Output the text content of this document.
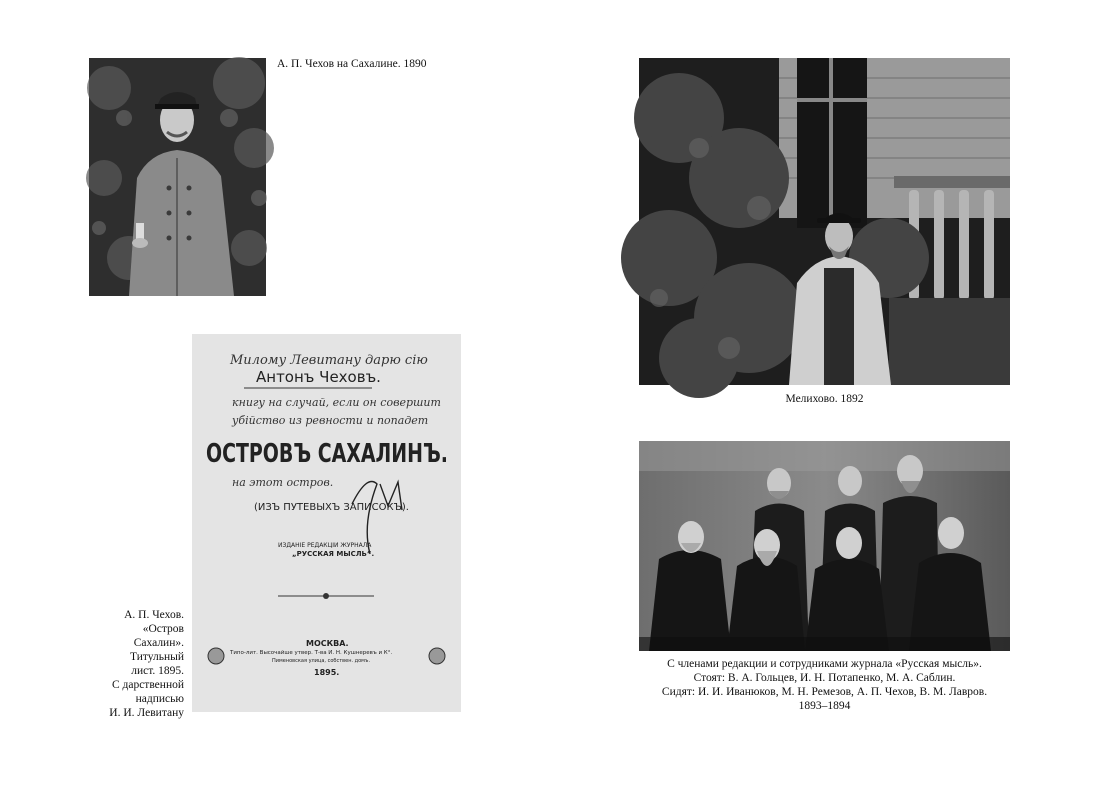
А. П. Чехов на Сахалине. 1890
Милому Левитану дарю сію
Антонъ Чеховъ.
книгу на случай, если он совершит
убійство из ревности и попадет
ОСТРОВЪ САХАЛИНЪ.
на этот остров.
(ИЗЪ ПУТЕВЫХЪ ЗАПИСОКЪ).
ИЗДАНІЕ РЕДАКЦІИ ЖУРНАЛА
„РУССКАЯ МЫСЛЬ“.
МОСКВА.
Типо-лит. Высочайше утвер. Т-ва И. Н. Кушнеревъ и К°.
Пименовская улица, собствен. домъ.
1895.
А. П. Чехов.
«Остров
Сахалин».
Титульный
лист. 1895.
С дарственной
надписью
И. И. Левитану
Мелихово. 1892
С членами редакции и сотрудниками журнала «Русская мысль».
Стоят: В. А. Гольцев, И. Н. Потапенко, М. А. Саблин.
Сидят: И. И. Иванюков, М. Н. Ремезов, А. П. Чехов, В. М. Лавров.
1893–1894
